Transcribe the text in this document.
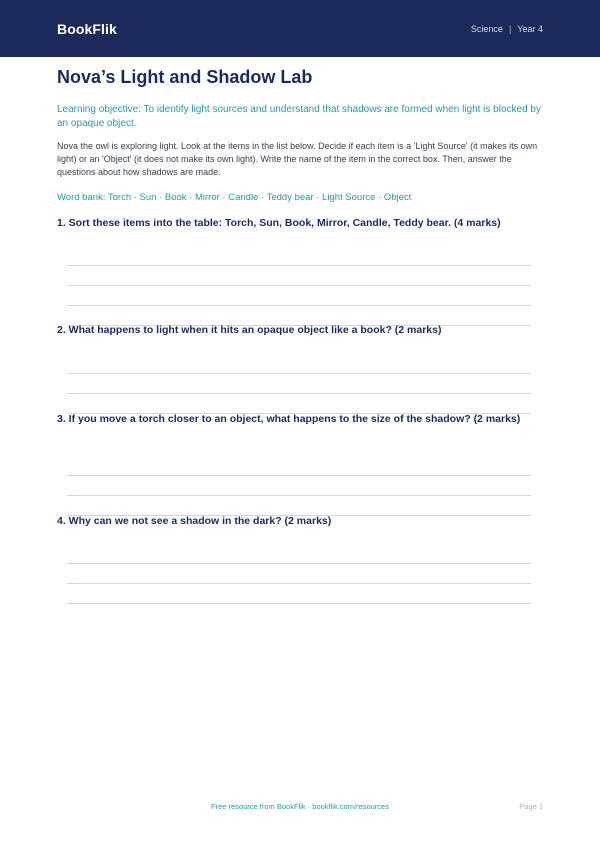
BookFlik	Science | Year 4
Nova’s Light and Shadow Lab
Learning objective: To identify light sources and understand that shadows are formed when light is blocked by an opaque object.
Nova the owl is exploring light. Look at the items in the list below. Decide if each item is a 'Light Source' (it makes its own light) or an 'Object' (it does not make its own light). Write the name of the item in the correct box. Then, answer the questions about how shadows are made.
Word bank: Torch · Sun · Book · Mirror · Candle · Teddy bear · Light Source · Object
1. Sort these items into the table: Torch, Sun, Book, Mirror, Candle, Teddy bear. (4 marks)
2. What happens to light when it hits an opaque object like a book? (2 marks)
3. If you move a torch closer to an object, what happens to the size of the shadow? (2 marks)
4. Why can we not see a shadow in the dark? (2 marks)
Free resource from BookFlik · bookflik.com/resources	Page 1
